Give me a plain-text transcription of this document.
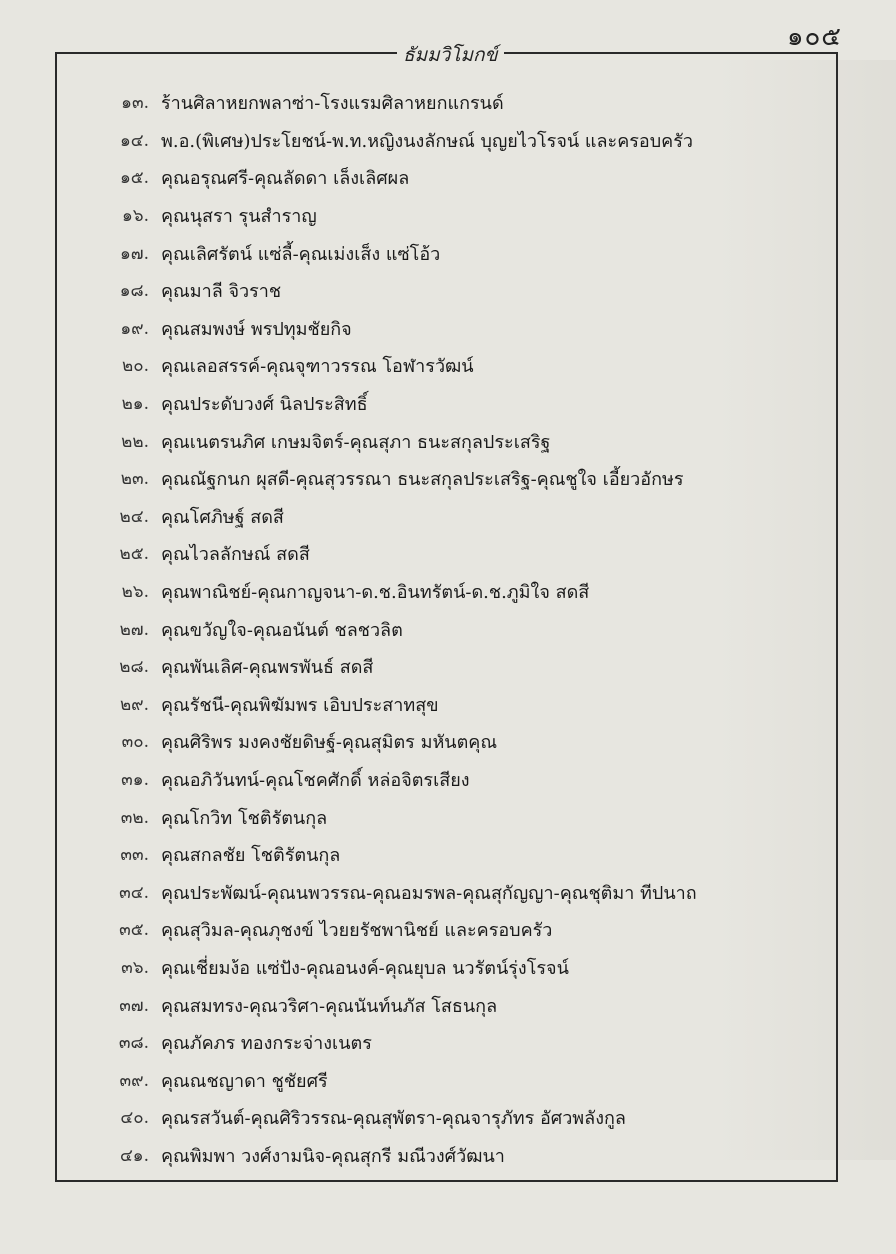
๑๐๕
ธัมมวิโมกข์
๑๓. ร้านศิลาหยกพลาซ่า-โรงแรมศิลาหยกแกรนด์
๑๔. พ.อ.(พิเศษ)ประโยชน์-พ.ท.หญิงนงลักษณ์ บุญยไวโรจน์ และครอบครัว
๑๕. คุณอรุณศรี-คุณลัดดา เล็งเลิศผล
๑๖. คุณนุสรา รุนสำราญ
๑๗. คุณเลิศรัตน์ แซ่ลี้-คุณเม่งเส็ง แซ่โอ้ว
๑๘. คุณมาลี จิวราช
๑๙. คุณสมพงษ์ พรปทุมชัยกิจ
๒๐. คุณเลอสรรค์-คุณจุฑาวรรณ โอฬารวัฒน์
๒๑. คุณประดับวงศ์ นิลประสิทธิ์
๒๒. คุณเนตรนภิศ เกษมจิตร์-คุณสุภา ธนะสกุลประเสริฐ
๒๓. คุณณัฐกนก ผุสดี-คุณสุวรรณา ธนะสกุลประเสริฐ-คุณชูใจ เอี้ยวอักษร
๒๔. คุณโศภิษฐ์ สดสี
๒๕. คุณไวลลักษณ์ สดสี
๒๖. คุณพาณิชย์-คุณกาญจนา-ด.ช.อินทรัตน์-ด.ช.ภูมิใจ สดสี
๒๗. คุณขวัญใจ-คุณอนันต์ ชลชวลิต
๒๘. คุณพันเลิศ-คุณพรพันธ์ สดสี
๒๙. คุณรัชนี-คุณพิฆัมพร เอิบประสาทสุข
๓๐. คุณศิริพร มงคงชัยดิษฐ์-คุณสุมิตร มหันตคุณ
๓๑. คุณอภิวันทน์-คุณโชคศักดิ์ หล่อจิตรเสียง
๓๒. คุณโกวิท โชติรัตนกุล
๓๓. คุณสกลชัย โชติรัตนกุล
๓๔. คุณประพัฒน์-คุณนพวรรณ-คุณอมรพล-คุณสุกัญญา-คุณชุติมา ทีปนาถ
๓๕. คุณสุวิมล-คุณภุชงข์ ไวยยรัชพานิชย์ และครอบครัว
๓๖. คุณเชี่ยมง้อ แซ่ปัง-คุณอนงค์-คุณยุบล นวรัตน์รุ่งโรจน์
๓๗. คุณสมทรง-คุณวริศา-คุณนันท์นภัส โสธนกุล
๓๘. คุณภัคภร ทองกระจ่างเนตร
๓๙. คุณณชญาดา ชูชัยศรี
๔๐. คุณรสวันต์-คุณศิริวรรณ-คุณสุพัตรา-คุณจารุภัทร อัศวพลังกูล
๔๑. คุณพิมพา วงศ์งามนิจ-คุณสุกรี มณีวงศ์วัฒนา
